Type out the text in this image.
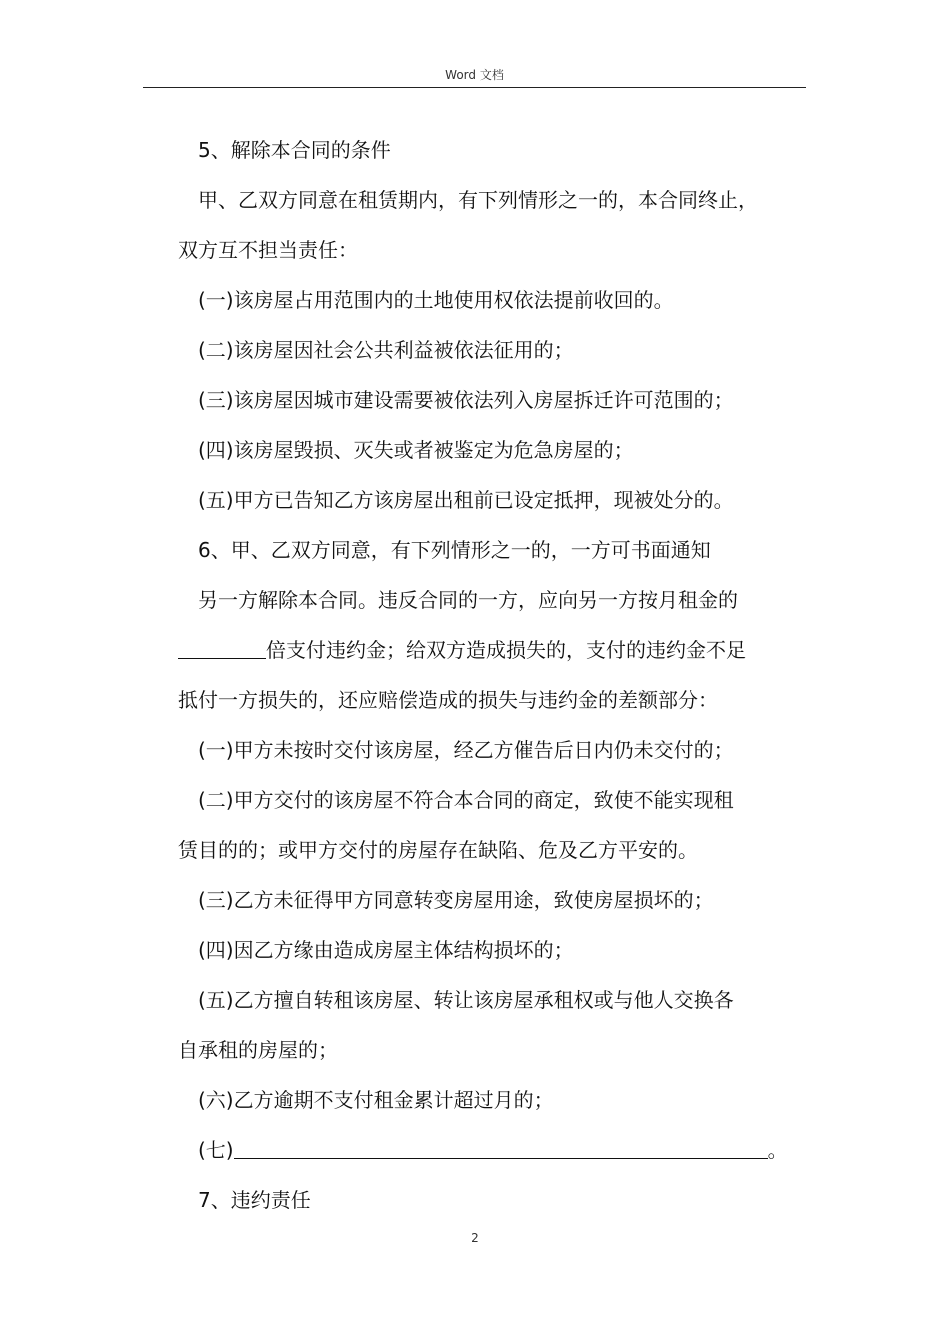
Word 文档
5、解除本合同的条件
甲、乙双方同意在租赁期内，有下列情形之一的，本合同终止，
双方互不担当责任：
(一)该房屋占用范围内的土地使用权依法提前收回的。
(二)该房屋因社会公共利益被依法征用的；
(三)该房屋因城市建设需要被依法列入房屋拆迁许可范围的；
(四)该房屋毁损、灭失或者被鉴定为危急房屋的；
(五)甲方已告知乙方该房屋出租前已设定抵押，现被处分的。
6、甲、乙双方同意，有下列情形之一的，一方可书面通知
另一方解除本合同。违反合同的一方，应向另一方按月租金的
倍支付违约金；给双方造成损失的，支付的违约金不足
抵付一方损失的，还应赔偿造成的损失与违约金的差额部分：
(一)甲方未按时交付该房屋，经乙方催告后日内仍未交付的；
(二)甲方交付的该房屋不符合本合同的商定，致使不能实现租
赁目的的；或甲方交付的房屋存在缺陷、危及乙方平安的。
(三)乙方未征得甲方同意转变房屋用途，致使房屋损坏的；
(四)因乙方缘由造成房屋主体结构损坏的；
(五)乙方擅自转租该房屋、转让该房屋承租权或与他人交换各
自承租的房屋的；
(六)乙方逾期不支付租金累计超过月的；
(七)	。
7、违约责任
2
